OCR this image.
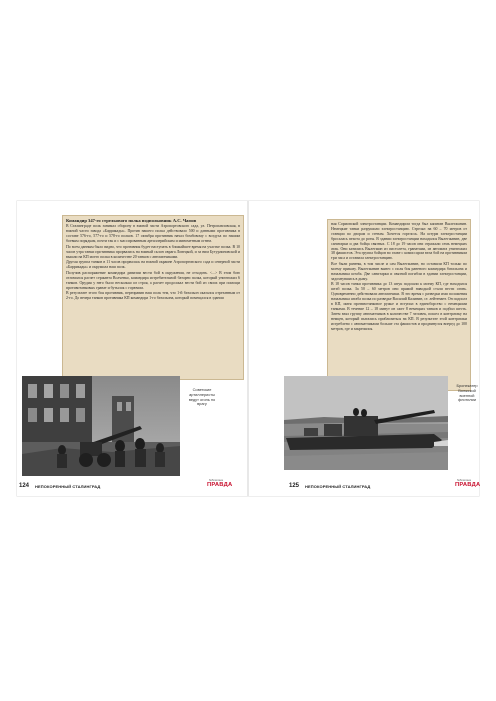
Командир 347-го стрелкового полка подполковник А.С. Чамов

В Сталинграде полк занимал оборону в южной части Аэропортовского сада, ул. Петропавловская, в южной части завода «Баррикады». Против нашего полка действовало 500 и данными противника в составе 576-го, 577-го и 578-го полков. 17 октября противник начал бомбовому с воздуха по нашим боевым порядкам, почти так и с массированным артиллерийским и минометным огнем.

По всем данным было видно, что противник будет наступать в ближайшее время на участке полка. В 10 часов утра танки противника прорвались на южный склон оврага Ловецкой, и за ним Бутурлиновской и вышли на КП моего полка в количестве 20 танков с автоматчиками.

Другая группа танков в 11 часов прорвалась на южной окраине Аэропортовского сада и северной части «Баррикады» и окружила наш полк.

Получив распоряжение командира дивизии вести бой в окружении, не отходить. <...> В этом бою отличился расчет сержанта Волченко, командира истребительной батареи полка, который уничтожил 6 танков. Орудия у него было несколько из строя, а расчет продолжал вести бой из своих при помощи противотанковых гранат и бутылок с горючим.

В результате этого боя противник, переправив наш полк тем, что 1-й батальон оказался отрезанным от 2-го. До вечера танков противника КП командира 1-го батальона, который помещался в здании

Советские артиллеристы ведут огонь по врагу
124 НЕПОКОРЕННЫЙ СТАЛИНГРАД
библиотека
ПРАВДА

ная Сормовской электростанции. Командиром тогда был капитан Вылегжанин. Немецкие танки разрушили электростанцию. Стрелял на 60 – 70 метров от станции по дворам и стенам. Хочется горелось. На штурм электростанции бросалась пехота до роты. В здании электростанции находился Вылегжанин, две санитарки и два бойца связных. С 18 до 19 часов они отражали семь немецких атак. Они катились Вылегжин из пистолета, гранатами, из автомата уничтожил 38 фашистов. Эта группа бойцов во главе с комиссаром вела бой на противником три часа и оставила электростанцию.

Все были ранены, в том числе и сам Вылегжанин, но оставили КП только по моему приказу. Вылегжанин вынес с поля боя раненого командира батальона и начальника штаба. Две санитарки и связной погибли в здании электростанции, задохнувшись в дыму.

В 18 часов танки противника до 13 штук подошли к моему КП, где находился штаб полка. За 50 – 60 метров они прямой наводкой стали вести огонь. Одновременно действовали автоматчики. В это время с разведки ими положения начальника штаба полка по разведке Василий Калинин, ст. лейтенант. Он подполз в КП, имея противотанковое ружье и вступил в единоборство с немецкими танками. В течение 12 – 18 минут он сжег 8 немецких танков и подбил шесть. Затем взял группу автоматчиков в количестве 7 человек, пошел в контратаку на немцев, который пытались приблизиться на КП. В результате этой контратаки истреблено с автоматчиками больше ста фашистов и продвинулся вперед до 100 метров, где и закрепился.

Бронекатер Волжской военной флотилии
125 НЕПОКОРЕННЫЙ СТАЛИНГРАД	ПРАВДА
библиотека
